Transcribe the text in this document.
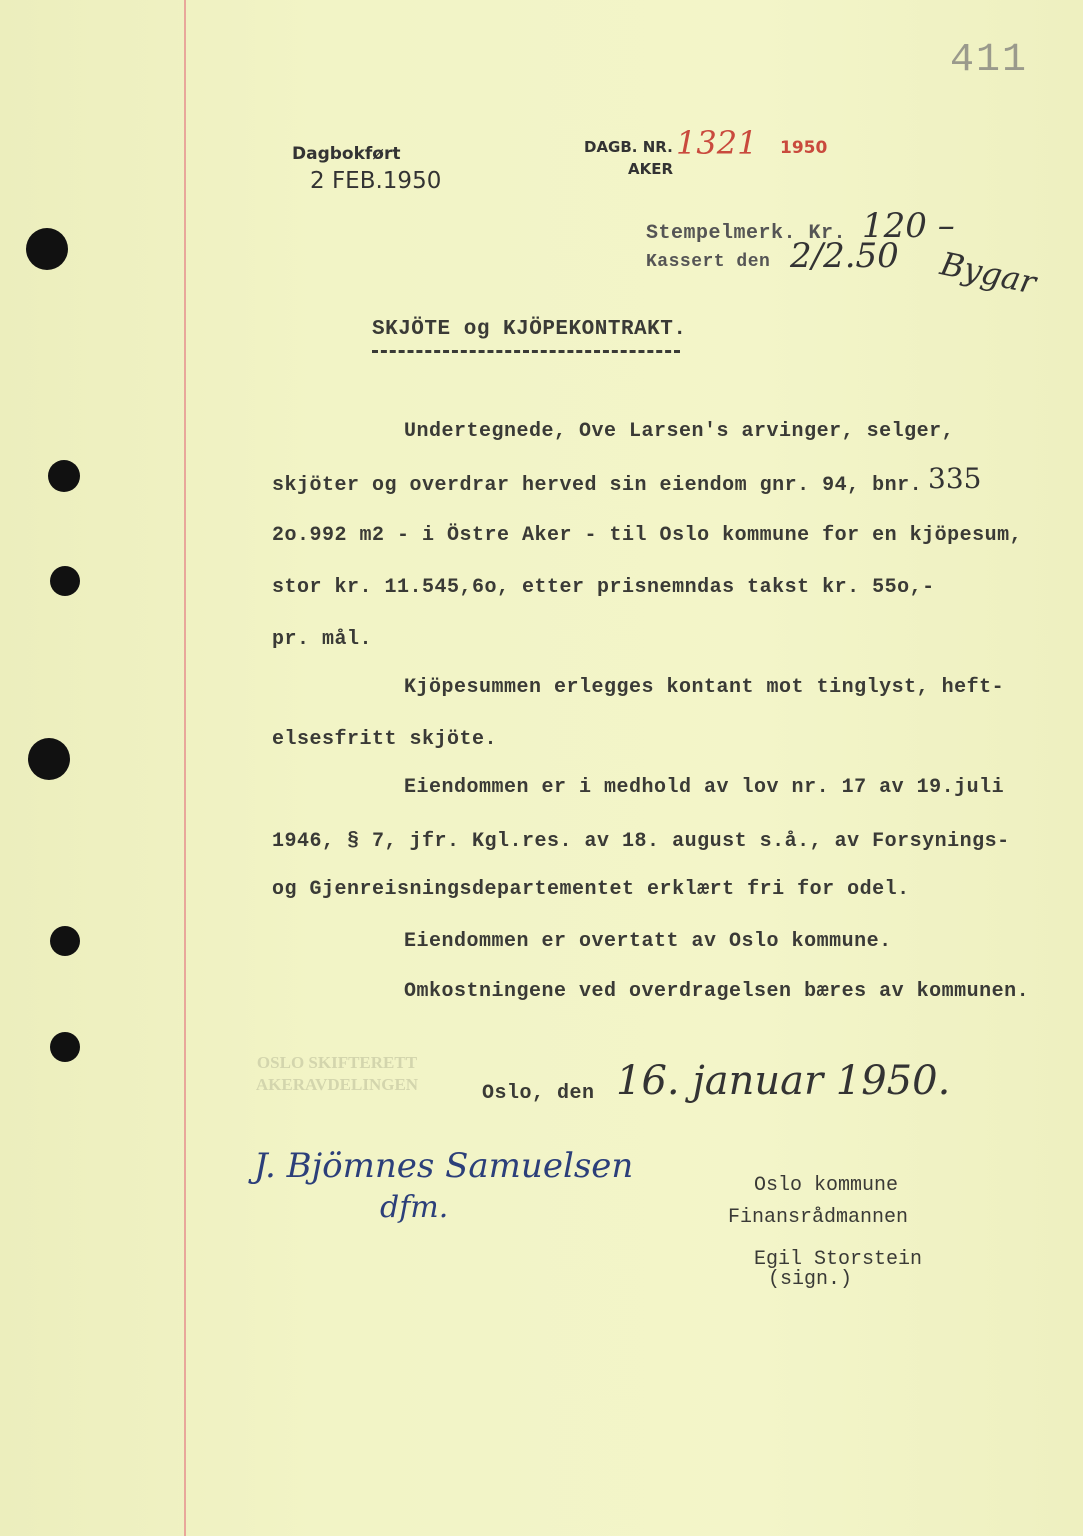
411
Dagbokført
2 FEB.1950
DAGB. NR. 1321 1950
AKER
Stempelmerk. Kr. 120 –
Kassert den 2/2.50 Bygar
SKJÖTE og KJÖPEKONTRAKT.
Undertegnede, Ove Larsen's arvinger, selger,
skjöter og overdrar herved sin eiendom gnr. 94, bnr. 335
2o.992 m2 - i Östre Aker - til Oslo kommune for en kjöpesum,
stor kr. 11.545,6o, etter prisnemndas takst kr. 55o,-
pr. mål.
Kjöpesummen erlegges kontant mot tinglyst, heft-
elsesfritt skjöte.
Eiendommen er i medhold av lov nr. 17 av 19.juli
1946, § 7, jfr. Kgl.res. av 18. august s.å., av Forsynings-
og Gjenreisningsdepartementet erklært fri for odel.
Eiendommen er overtatt av Oslo kommune.
Omkostningene ved overdragelsen bæres av kommunen.
OSLO SKIFTERETT
AKERAVDELINGEN	Oslo, den 16. januar 1950.
J. Bjömnes Samuelsen
dfm.
Oslo kommune
Finansrådmannen
Egil Storstein
(sign.)
